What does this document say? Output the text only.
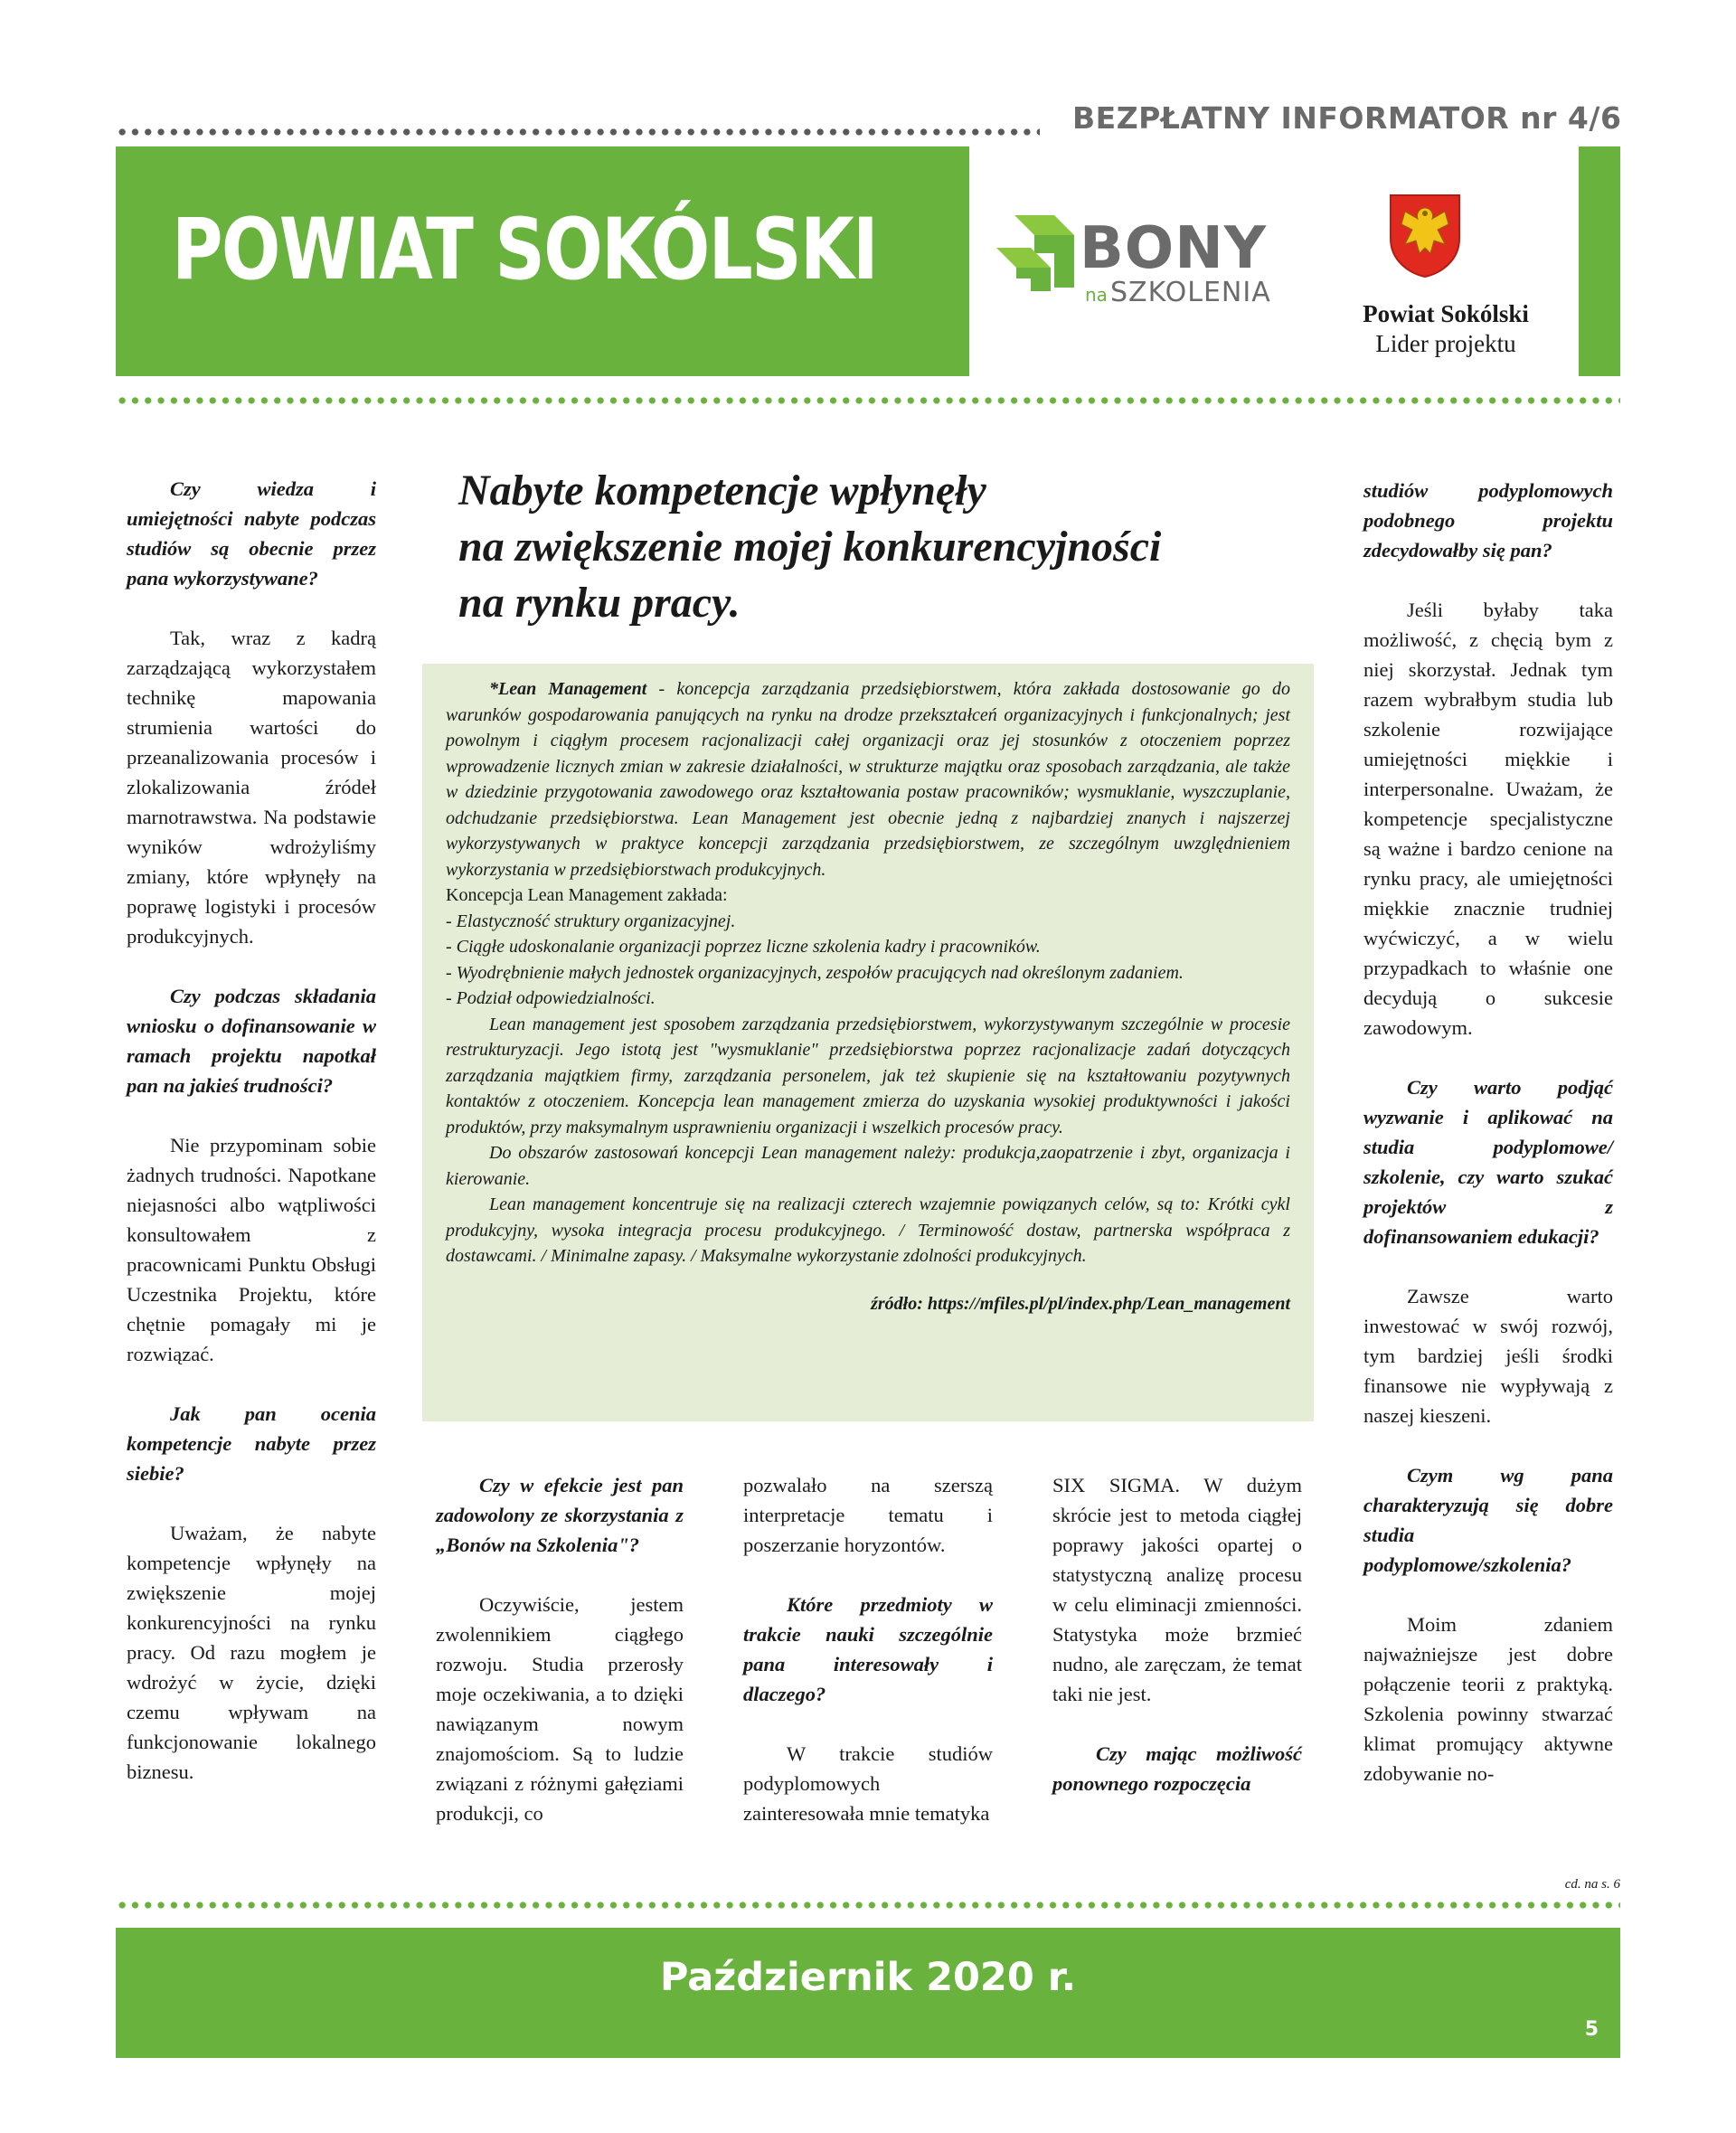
BEZPŁATNY INFORMATOR nr 4/6
POWIAT SOKÓLSKI	BONY
na SZKOLENIA
Powiat Sokólski
Lider projektu

Czy wiedza i umiejętności nabyte podczas studiów są obecnie przez pana wykorzystywane?

Tak, wraz z kadrą zarządzającą wykorzystałem technikę mapowania strumienia wartości do przeanalizowania procesów i zlokalizowania źródeł marnotrawstwa. Na podstawie wyników wdrożyliśmy zmiany, które wpłynęły na poprawę logistyki i procesów produkcyjnych.

Czy podczas składania wniosku o dofinansowanie w ramach projektu napotkał pan na jakieś trudności?

Nie przypominam sobie żadnych trudności. Napotkane niejasności albo wątpliwości konsultowałem z pracownicami Punktu Obsługi Uczestnika Projektu, które chętnie pomagały mi je rozwiązać.

Jak pan ocenia kompetencje nabyte przez siebie?

Uważam, że nabyte kompetencje wpłynęły na zwiększenie mojej konkurencyjności na rynku pracy. Od razu mogłem je wdrożyć w życie, dzięki czemu wpływam na funkcjonowanie lokalnego biznesu.

Nabyte kompetencje wpłynęły
na zwiększenie mojej konkurencyjności
na rynku pracy.

*Lean Management - koncepcja zarządzania przedsiębiorstwem, która zakłada dostosowanie go do warunków gospodarowania panujących na rynku na drodze przekształceń organizacyjnych i funkcjonalnych; jest powolnym i ciągłym procesem racjonalizacji całej organizacji oraz jej stosunków z otoczeniem poprzez wprowadzenie licznych zmian w zakresie działalności, w strukturze majątku oraz sposobach zarządzania, ale także w dziedzinie przygotowania zawodowego oraz kształtowania postaw pracowników; wysmuklanie, wyszczuplanie, odchudzanie przedsiębiorstwa. Lean Management jest obecnie jedną z najbardziej znanych i najszerzej wykorzystywanych w praktyce koncepcji zarządzania przedsiębiorstwem, ze szczególnym uwzględnieniem wykorzystania w przedsiębiorstwach produkcyjnych.

Koncepcja Lean Management zakłada:

- Elastyczność struktury organizacyjnej.

- Ciągłe udoskonalanie organizacji poprzez liczne szkolenia kadry i pracowników.

- Wyodrębnienie małych jednostek organizacyjnych, zespołów pracujących nad określonym zadaniem.

- Podział odpowiedzialności.

Lean management jest sposobem zarządzania przedsiębiorstwem, wykorzystywanym szczególnie w procesie restrukturyzacji. Jego istotą jest "wysmuklanie" przedsiębiorstwa poprzez racjonalizacje zadań dotyczących zarządzania majątkiem firmy, zarządzania personelem, jak też skupienie się na kształtowaniu pozytywnych kontaktów z otoczeniem. Koncepcja lean management zmierza do uzyskania wysokiej produktywności i jakości produktów, przy maksymalnym usprawnieniu organizacji i wszelkich procesów pracy.

Do obszarów zastosowań koncepcji Lean management należy: produkcja,zaopatrzenie i zbyt, organizacja i kierowanie.

Lean management koncentruje się na realizacji czterech wzajemnie powiązanych celów, są to: Krótki cykl produkcyjny, wysoka integracja procesu produkcyjnego. / Terminowość dostaw, partnerska współpraca z dostawcami. / Minimalne zapasy. / Maksymalne wykorzystanie zdolności produkcyjnych.

źródło: https://mfiles.pl/pl/index.php/Lean_management

Czy w efekcie jest pan zadowolony ze skorzystania z „Bonów na Szkolenia"?

Oczywiście, jestem zwolennikiem ciągłego rozwoju. Studia przerosły moje oczekiwania, a to dzięki nawiązanym nowym znajomościom. Są to ludzie związani z różnymi gałęziami produkcji, co

pozwalało na szerszą interpretacje tematu i poszerzanie horyzontów.

Które przedmioty w trakcie nauki szczególnie pana interesowały i dlaczego?

W trakcie studiów podyplomowych zainteresowała mnie tematyka

SIX SIGMA. W dużym skrócie jest to metoda ciągłej poprawy jakości opartej o statystyczną analizę procesu w celu eliminacji zmienności. Statystyka może brzmieć nudno, ale zaręczam, że temat taki nie jest.

Czy mając możliwość ponownego rozpoczęcia

studiów podyplomowych podobnego projektu zdecydowałby się pan?

Jeśli byłaby taka możliwość, z chęcią bym z niej skorzystał. Jednak tym razem wybrałbym studia lub szkolenie rozwijające umiejętności miękkie i interpersonalne. Uważam, że kompetencje specjalistyczne są ważne i bardzo cenione na rynku pracy, ale umiejętności miękkie znacznie trudniej wyćwiczyć, a w wielu przypadkach to właśnie one decydują o sukcesie zawodowym.

Czy warto podjąć wyzwanie i aplikować na studia podyplomowe/ szkolenie, czy warto szukać projektów z dofinansowaniem edukacji?

Zawsze warto inwestować w swój rozwój, tym bardziej jeśli środki finansowe nie wypływają z naszej kieszeni.

Czym wg pana charakteryzują się dobre studia podyplomowe/szkolenia?

Moim zdaniem najważniejsze jest dobre połączenie teorii z praktyką. Szkolenia powinny stwarzać klimat promujący aktywne zdobywanie no-

cd. na s. 6
Październik 2020 r.
5
